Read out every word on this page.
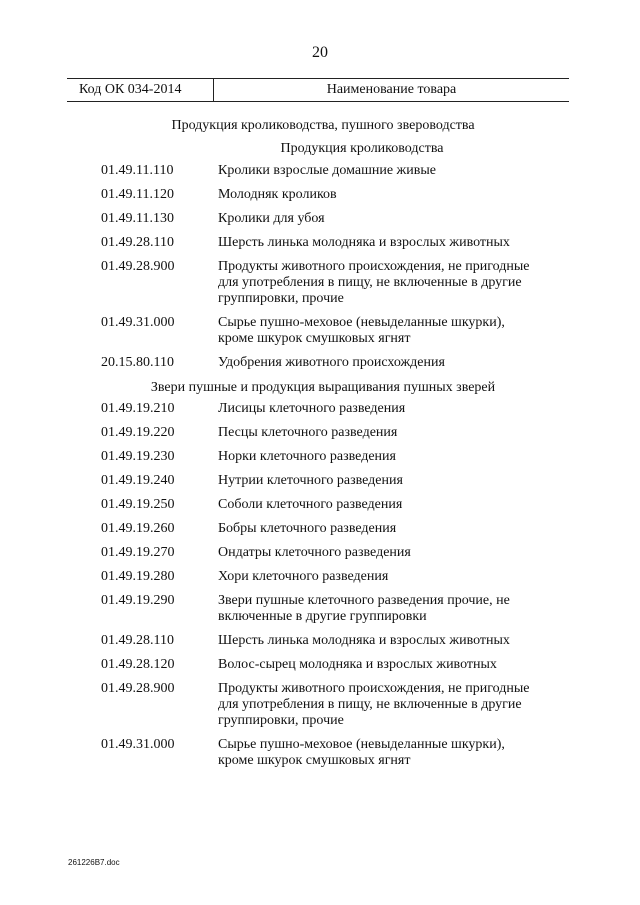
20
Код ОК 034-2014	Наименование товара
Продукция кролиководства, пушного звероводства
Продукция кролиководства
01.49.11.110	Кролики взрослые домашние живые
01.49.11.120	Молодняк кроликов
01.49.11.130	Кролики для убоя
01.49.28.110	Шерсть линька молодняка и взрослых животных
01.49.28.900	Продукты животного происхождения, не пригодные для употребления в пищу, не включенные в другие группировки, прочие
01.49.31.000	Сырье пушно-меховое (невыделанные шкурки), кроме шкурок смушковых ягнят
20.15.80.110	Удобрения животного происхождения
Звери пушные и продукция выращивания пушных зверей
01.49.19.210	Лисицы клеточного разведения
01.49.19.220	Песцы клеточного разведения
01.49.19.230	Норки клеточного разведения
01.49.19.240	Нутрии клеточного разведения
01.49.19.250	Соболи клеточного разведения
01.49.19.260	Бобры клеточного разведения
01.49.19.270	Ондатры клеточного разведения
01.49.19.280	Хори клеточного разведения
01.49.19.290	Звери пушные клеточного разведения прочие, не включенные в другие группировки
01.49.28.110	Шерсть линька молодняка и взрослых животных
01.49.28.120	Волос-сырец молодняка и взрослых животных
01.49.28.900	Продукты животного происхождения, не пригодные для употребления в пищу, не включенные в другие группировки, прочие
01.49.31.000	Сырье пушно-меховое (невыделанные шкурки), кроме шкурок смушковых ягнят
261226В7.doc
